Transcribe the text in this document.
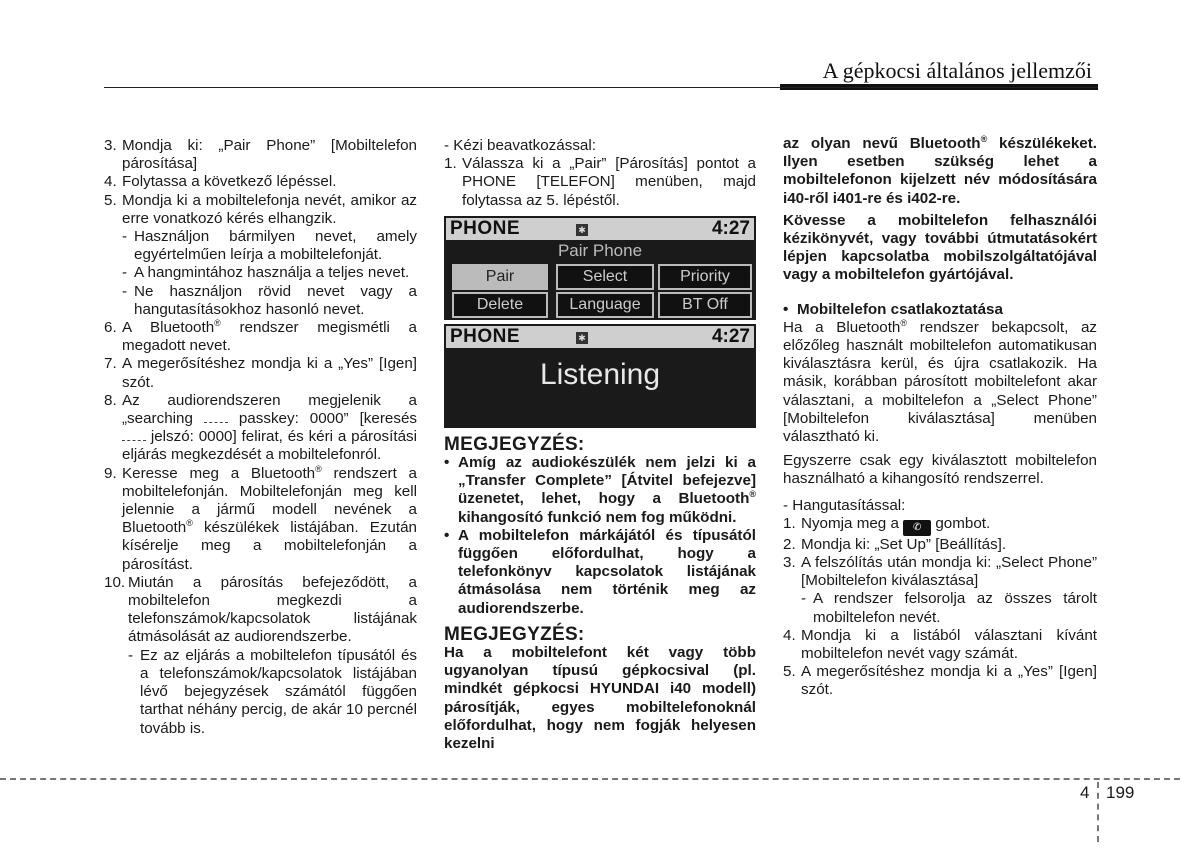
A gépkocsi általános jellemzői
3. Mondja ki: „Pair Phone” [Mobiltelefon párosítása]
4. Folytassa a következő lépéssel.
5. Mondja ki a mobiltelefonja nevét, amikor az erre vonatkozó kérés elhangzik.
- Használjon bármilyen nevet, amely egyértelműen leírja a mobiltelefonját.
- A hangmintához használja a teljes nevet.
- Ne használjon rövid nevet vagy a hangutasításokhoz hasonló nevet.
6. A Bluetooth® rendszer megismétli a megadott nevet.
7. A megerősítéshez mondja ki a „Yes” [Igen] szót.
8. Az audiorendszeren megjelenik a „searching  passkey: 0000” [keresés  jelszó: 0000] felirat, és kéri a párosítási eljárás megkezdését a mobiltelefonról.
9. Keresse meg a Bluetooth® rendszert a mobiltelefonján. Mobiltelefonján meg kell jelennie a jármű modell nevének a Bluetooth® készülékek listájában. Ezután kísérelje meg a mobiltelefonján a párosítást.
10. Miután a párosítás befejeződött, a mobiltelefon megkezdi a telefonszámok/kapcsolatok listájának átmásolását az audiorendszerbe.
- Ez az eljárás a mobiltelefon típusától és a telefonszámok/kapcsolatok listájában lévő bejegyzések számától függően tarthat néhány percig, de akár 10 percnél tovább is.
- Kézi beavatkozással:
1. Válassza ki a „Pair” [Párosítás] pontot a PHONE [TELEFON] menüben, majd folytassa az 5. lépéstől.
PHONE	✱	4:27
Pair Phone
Pair	Select	Priority
Delete	Language	BT Off
PHONE	✱	4:27
Listening
MEGJEGYZÉS:
• Amíg az audiokészülék nem jelzi ki a „Transfer Complete” [Átvitel befejezve] üzenetet, lehet, hogy a Bluetooth® kihangosító funkció nem fog működni.
• A mobiltelefon márkájától és típusától függően előfordulhat, hogy a telefonkönyv kapcsolatok listájának átmásolása nem történik meg az audiorendszerbe.
MEGJEGYZÉS:
Ha a mobiltelefont két vagy több ugyanolyan típusú gépkocsival (pl. mindkét gépkocsi HYUNDAI i40 modell) párosítják, egyes mobiltelefonoknál előfordulhat, hogy nem fogják helyesen kezelni
az olyan nevű Bluetooth® készülékeket. Ilyen esetben szükség lehet a mobiltelefonon kijelzett név módosítására i40-ről i401-re és i402-re.
Kövesse a mobiltelefon felhasználói kézikönyvét, vagy további útmutatásokért lépjen kapcsolatba mobilszolgáltatójával vagy a mobiltelefon gyártójával.
• Mobiltelefon csatlakoztatása
Ha a Bluetooth® rendszer bekapcsolt, az előzőleg használt mobiltelefon automatikusan kiválasztásra kerül, és újra csatlakozik. Ha másik, korábban párosított mobiltelefont akar választani, a mobiltelefon a „Select Phone” [Mobiltelefon kiválasztása] menüben választható ki.
Egyszerre csak egy kiválasztott mobiltelefon használható a kihangosító rendszerrel.
- Hangutasítással:
1. Nyomja meg a ✆ gombot.
2. Mondja ki: „Set Up” [Beállítás].
3. A felszólítás után mondja ki: „Select Phone” [Mobiltelefon kiválasztása]
- A rendszer felsorolja az összes tárolt mobiltelefon nevét.
4. Mondja ki a listából választani kívánt mobiltelefon nevét vagy számát.
5. A megerősítéshez mondja ki a „Yes” [Igen] szót.
4 199
